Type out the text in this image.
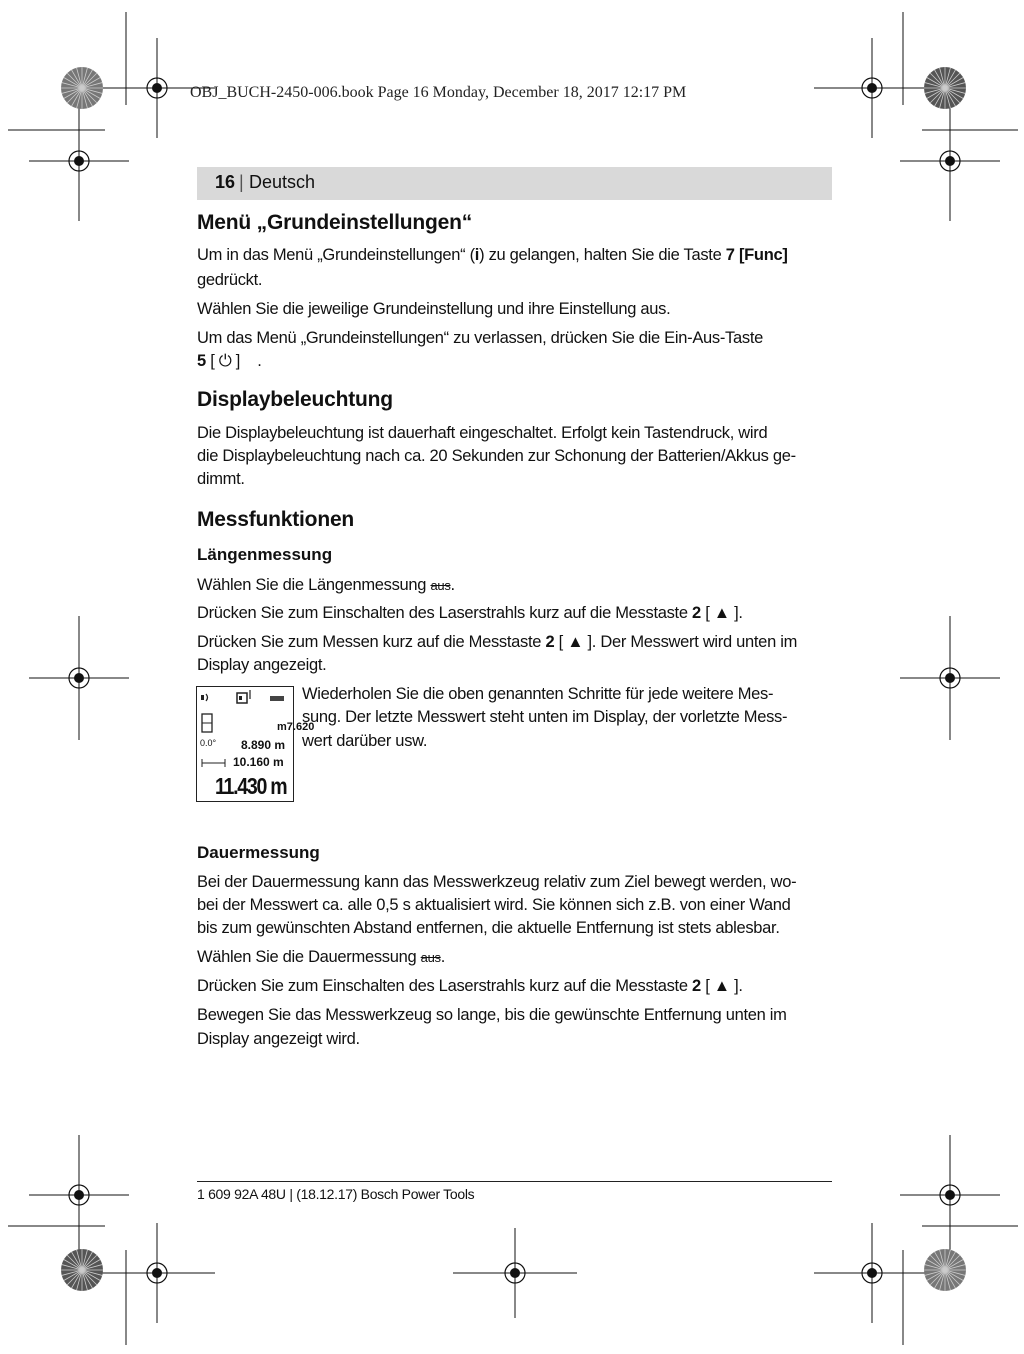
OBJ_BUCH-2450-006.book Page 16 Monday, December 18, 2017 12:17 PM
16 | Deutsch
Menü „Grundeinstellungen“

Um in das Menü „Grundeinstellungen“ (i) zu gelangen, halten Sie die Taste 7 [Func]

gedrückt.

Wählen Sie die jeweilige Grundeinstellung und ihre Einstellung aus.

Um das Menü „Grundeinstellungen“ zu verlassen, drücken Sie die Ein-Aus-Taste

5 [ ⏻ ] .

Displaybeleuchtung

Die Displaybeleuchtung ist dauerhaft eingeschaltet. Erfolgt kein Tastendruck, wird

die Displaybeleuchtung nach ca. 20 Sekunden zur Schonung der Batterien/Akkus ge-

dimmt.

Messfunktionen
Längenmessung

Wählen Sie die Längenmessung aus.

Drücken Sie zum Einschalten des Laserstrahls kurz auf die Messtaste 2 [ ▲ ].

Drücken Sie zum Messen kurz auf die Messtaste 2 [ ▲ ]. Der Messwert wird unten im

Display angezeigt.

m7.620
0.0° 8.890 m
10.160 m
11.430 m

Wiederholen Sie die oben genannten Schritte für jede weitere Mes-

sung. Der letzte Messwert steht unten im Display, der vorletzte Mess-

wert darüber usw.

Dauermessung

Bei der Dauermessung kann das Messwerkzeug relativ zum Ziel bewegt werden, wo-

bei der Messwert ca. alle 0,5 s aktualisiert wird. Sie können sich z.B. von einer Wand

bis zum gewünschten Abstand entfernen, die aktuelle Entfernung ist stets ablesbar.

Wählen Sie die Dauermessung aus.

Drücken Sie zum Einschalten des Laserstrahls kurz auf die Messtaste 2 [ ▲ ].

Bewegen Sie das Messwerkzeug so lange, bis die gewünschte Entfernung unten im

Display angezeigt wird.

1 609 92A 48U | (18.12.17) Bosch Power Tools
